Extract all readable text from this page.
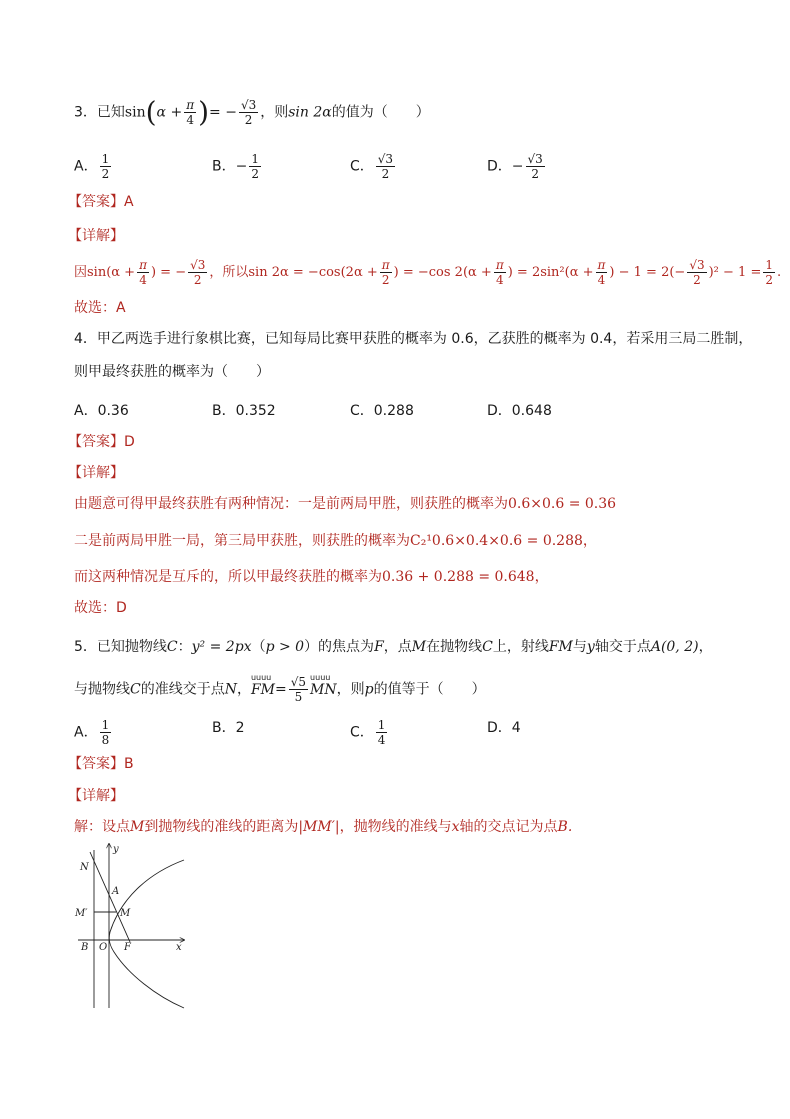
3．已知$\sin(\alpha + \frac{\pi}{4}$ )= − $\frac{√3}{2}$ ，则sin 2α的值为（　　）
A． $\frac{1}{2}$	B．− $\frac{1}{2}$	C． $\frac{√3}{2}$	D．− $\frac{√3}{2}$
【答案】A
【详解】
因$\sin(\alpha + \frac{\pi}{4}$ ) = − $\frac{√3}{2}$ ，所以$\sin 2\alpha = -\cos(2\alpha + \frac{\pi}{2}$ ) = −cos $2(\alpha + \frac{\pi}{4}$ ) = $2\sin^2(\alpha + \frac{\pi}{4}$ ) − $1 = 2(- \frac{√3}{2} )^2 - 1 = \frac{1}{2}$ .
故选：A
4．甲乙两选手进行象棋比赛，已知每局比赛甲获胜的概率为 0.6，乙获胜的概率为 0.4，若采用三局二胜制，
则甲最终获胜的概率为（　　）
A．0.36	B．0.352	C．0.288	D．0.648
【答案】D
【详解】
由题意可得甲最终获胜有两种情况：一是前两局甲胜，则获胜的概率为0.6×0.6 = 0.36
二是前两局甲胜一局，第三局甲获胜，则获胜的概率为C₂¹0.6×0.4×0.6 = 0.288，
而这两种情况是互斥的，所以甲最终获胜的概率为0.36 + 0.288 = 0.648，
故选：D
5．已知抛物线C：y² = 2px（p > 0）的焦点为F，点M在抛物线C上，射线FM与y轴交于点A(0, 2)，
与抛物线C的准线交于点N，
uuuu
$FM= \frac{√5}{5}$ uuuu
MN，则p的值等于（　　）
A． $\frac{1}{8}$	B．2	C． $\frac{1}{4}$	D．4
【答案】B
【详解】
解：设点M到抛物线的准线的距离为|MM′|，抛物线的准线与x轴的交点记为点B.
y
x
N
A
M′	M
B O F
